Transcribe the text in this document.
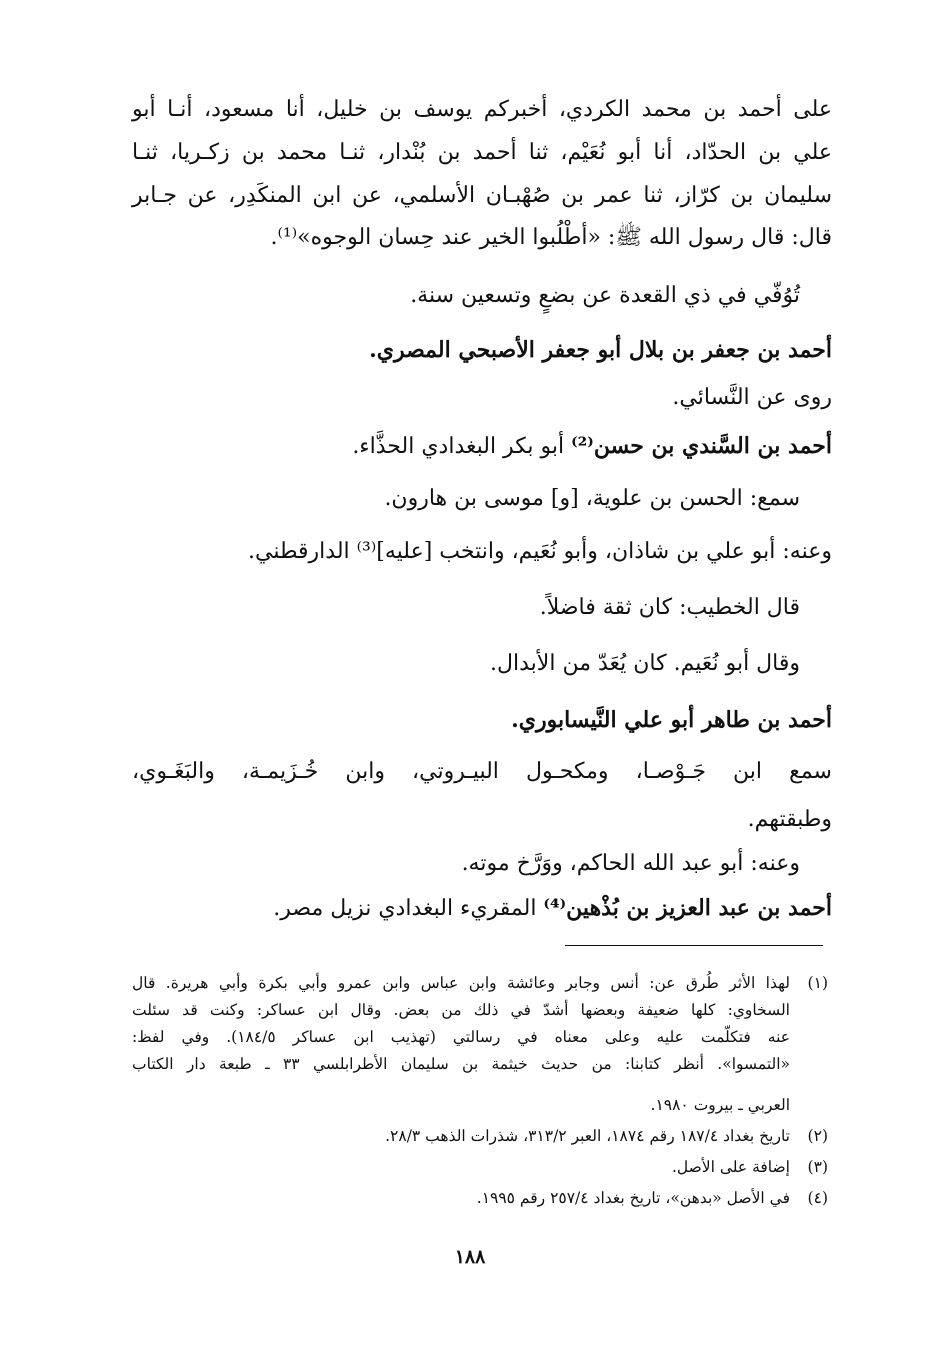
على أحمد بن محمد الكردي، أخبركم يوسف بن خليل، أنا مسعود، أنـا أبو
علي بن الحدّاد، أنا أبو نُعَيْم، ثنا أحمد بن بُنْدار، ثنـا محمد بن زكـريا، ثنـا
سليمان بن كرّاز، ثنا عمر بن صُهْبـان الأسلمي، عن ابن المنكَدِر، عن جـابر
قال: قال رسول الله ﷺ: «أطْلُبوا الخير عند حِسان الوجوه»⁽¹⁾.
تُوُفّي في ذي القعدة عن بضعٍ وتسعين سنة.
أحمد بن جعفر بن بلال أبو جعفر الأصبحي المصري.
روى عن النَّسائي.
أحمد بن السَّندي بن حسن⁽²⁾ أبو بكر البغدادي الحذَّاء.
سمع: الحسن بن علوية، [و] موسى بن هارون.
وعنه: أبو علي بن شاذان، وأبو نُعَيم، وانتخب [عليه]⁽³⁾ الدارقطني.
قال الخطيب: كان ثقة فاضلاً.
وقال أبو نُعَيم. كان يُعَدّ من الأبدال.
أحمد بن طاهر أبو علي النَّيسابوري.
سمع ابن جَـوْصـا، ومكحـول البيـروتي، وابن خُـزَيمـة، والبَغَـوي،
وطبقتهم.
وعنه: أبو عبد الله الحاكم، ووَرَّخ موته.
أحمد بن عبد العزيز بن بُذْهين⁽⁴⁾ المقريء البغدادي نزيل مصر.
(١)
لهذا الأثر طُرق عن: أنس وجابر وعائشة وابن عباس وابن عمرو وأبي بكرة وأبي هريرة. قال
السخاوي: كلها ضعيفة وبعضها أشدّ في ذلك من بعض. وقال ابن عساكر: وكنت قد سئلت
عنه فتكلّمت عليه وعلى معناه في رسالتي (تهذيب ابن عساكر ١٨٤/٥). وفي لفظ:
«التمسوا». أنظر كتابنا: من حديث خيثمة بن سليمان الأطرابلسي ٣٣ ـ طبعة دار الكتاب
العربي ـ بيروت ١٩٨٠.
(٢)
تاريخ بغداد ١٨٧/٤ رقم ١٨٧٤، العبر ٣١٣/٢، شذرات الذهب ٢٨/٣.
(٣)
إضافة على الأصل.
(٤)
في الأصل «بدهن»، تاريخ بغداد ٢٥٧/٤ رقم ١٩٩٥.
١٨٨
